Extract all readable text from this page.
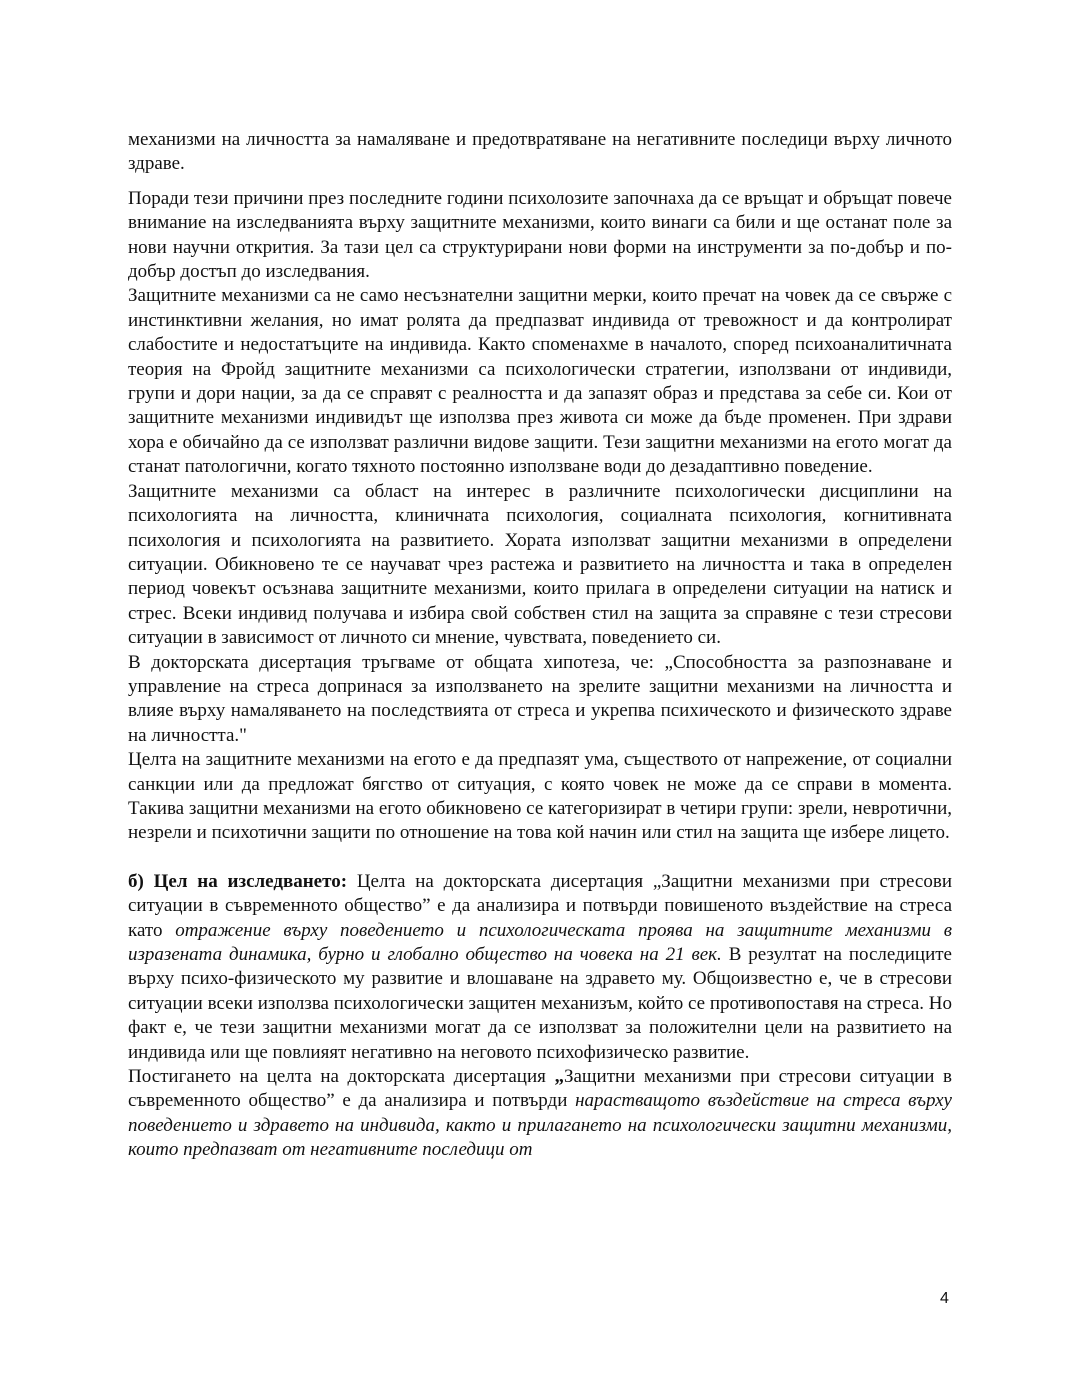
механизми на личността за намаляване и предотвратяване на негативните последици върху личното здраве.

Поради тези причини през последните години психолозите започнаха да се връщат и обръщат повече внимание на изследванията върху защитните механизми, които винаги са били и ще останат поле за нови научни открития. За тази цел са структурирани нови форми на инструменти за по-добър и по-добър достъп до изследвания.

Защитните механизми са не само несъзнателни защитни мерки, които пречат на човек да се свърже с инстинктивни желания, но имат ролята да предпазват индивида от тревожност и да контролират слабостите и недостатъците на индивида. Както споменахме в началото, според психоаналитичната теория на Фройд защитните механизми са психологически стратегии, използвани от индивиди, групи и дори нации, за да се справят с реалността и да запазят образ и представа за себе си. Кои от защитните механизми индивидът ще използва през живота си може да бъде променен. При здрави хора е обичайно да се използват различни видове защити. Тези защитни механизми на егото могат да станат патологични, когато тяхното постоянно използване води до дезадаптивно поведение.

Защитните механизми са област на интерес в различните психологически дисциплини на психологията на личността, клиничната психология, социалната психология, когнитивната психология и психологията на развитието. Хората използват защитни механизми в определени ситуации. Обикновено те се научават чрез растежа и развитието на личността и така в определен период човекът осъзнава защитните механизми, които прилага в определени ситуации на натиск и стрес. Всеки индивид получава и избира свой собствен стил на защита за справяне с тези стресови ситуации в зависимост от личното си мнение, чувствата, поведението си.

В докторската дисертация тръгваме от общата хипотеза, че: „Способността за разпознаване и управление на стреса допринася за използването на зрелите защитни механизми на личността и влияе върху намаляването на последствията от стреса и укрепва психическото и физическото здраве на личността."

Целта на защитните механизми на егото е да предпазят ума, съществото от напрежение, от социални санкции или да предложат бягство от ситуация, с която човек не може да се справи в момента. Такива защитни механизми на егото обикновено се категоризират в четири групи: зрели, невротични, незрели и психотични защити по отношение на това кой начин или стил на защита ще избере лицето.

б) Цел на изследването: Целта на докторската дисертация „Защитни механизми при стресови ситуации в съвременното общество” е да анализира и потвърди повишеното въздействие на стреса като отражение върху поведението и психологическата проява на защитните механизми в изразената динамика, бурно и глобално общество на човека на 21 век. В резултат на последиците върху психо-физическото му развитие и влошаване на здравето му. Общоизвестно е, че в стресови ситуации всеки използва психологически защитен механизъм, който се противопоставя на стреса. Но факт е, че тези защитни механизми могат да се използват за положителни цели на развитието на индивида или ще повлияят негативно на неговото психофизическо развитие.

Постигането на целта на докторската дисертация „Защитни механизми при стресови ситуации в съвременното общество” е да анализира и потвърди нарастващото въздействие на стреса върху поведението и здравето на индивида, както и прилагането на психологически защитни механизми, които предпазват от негативните последици от

4
